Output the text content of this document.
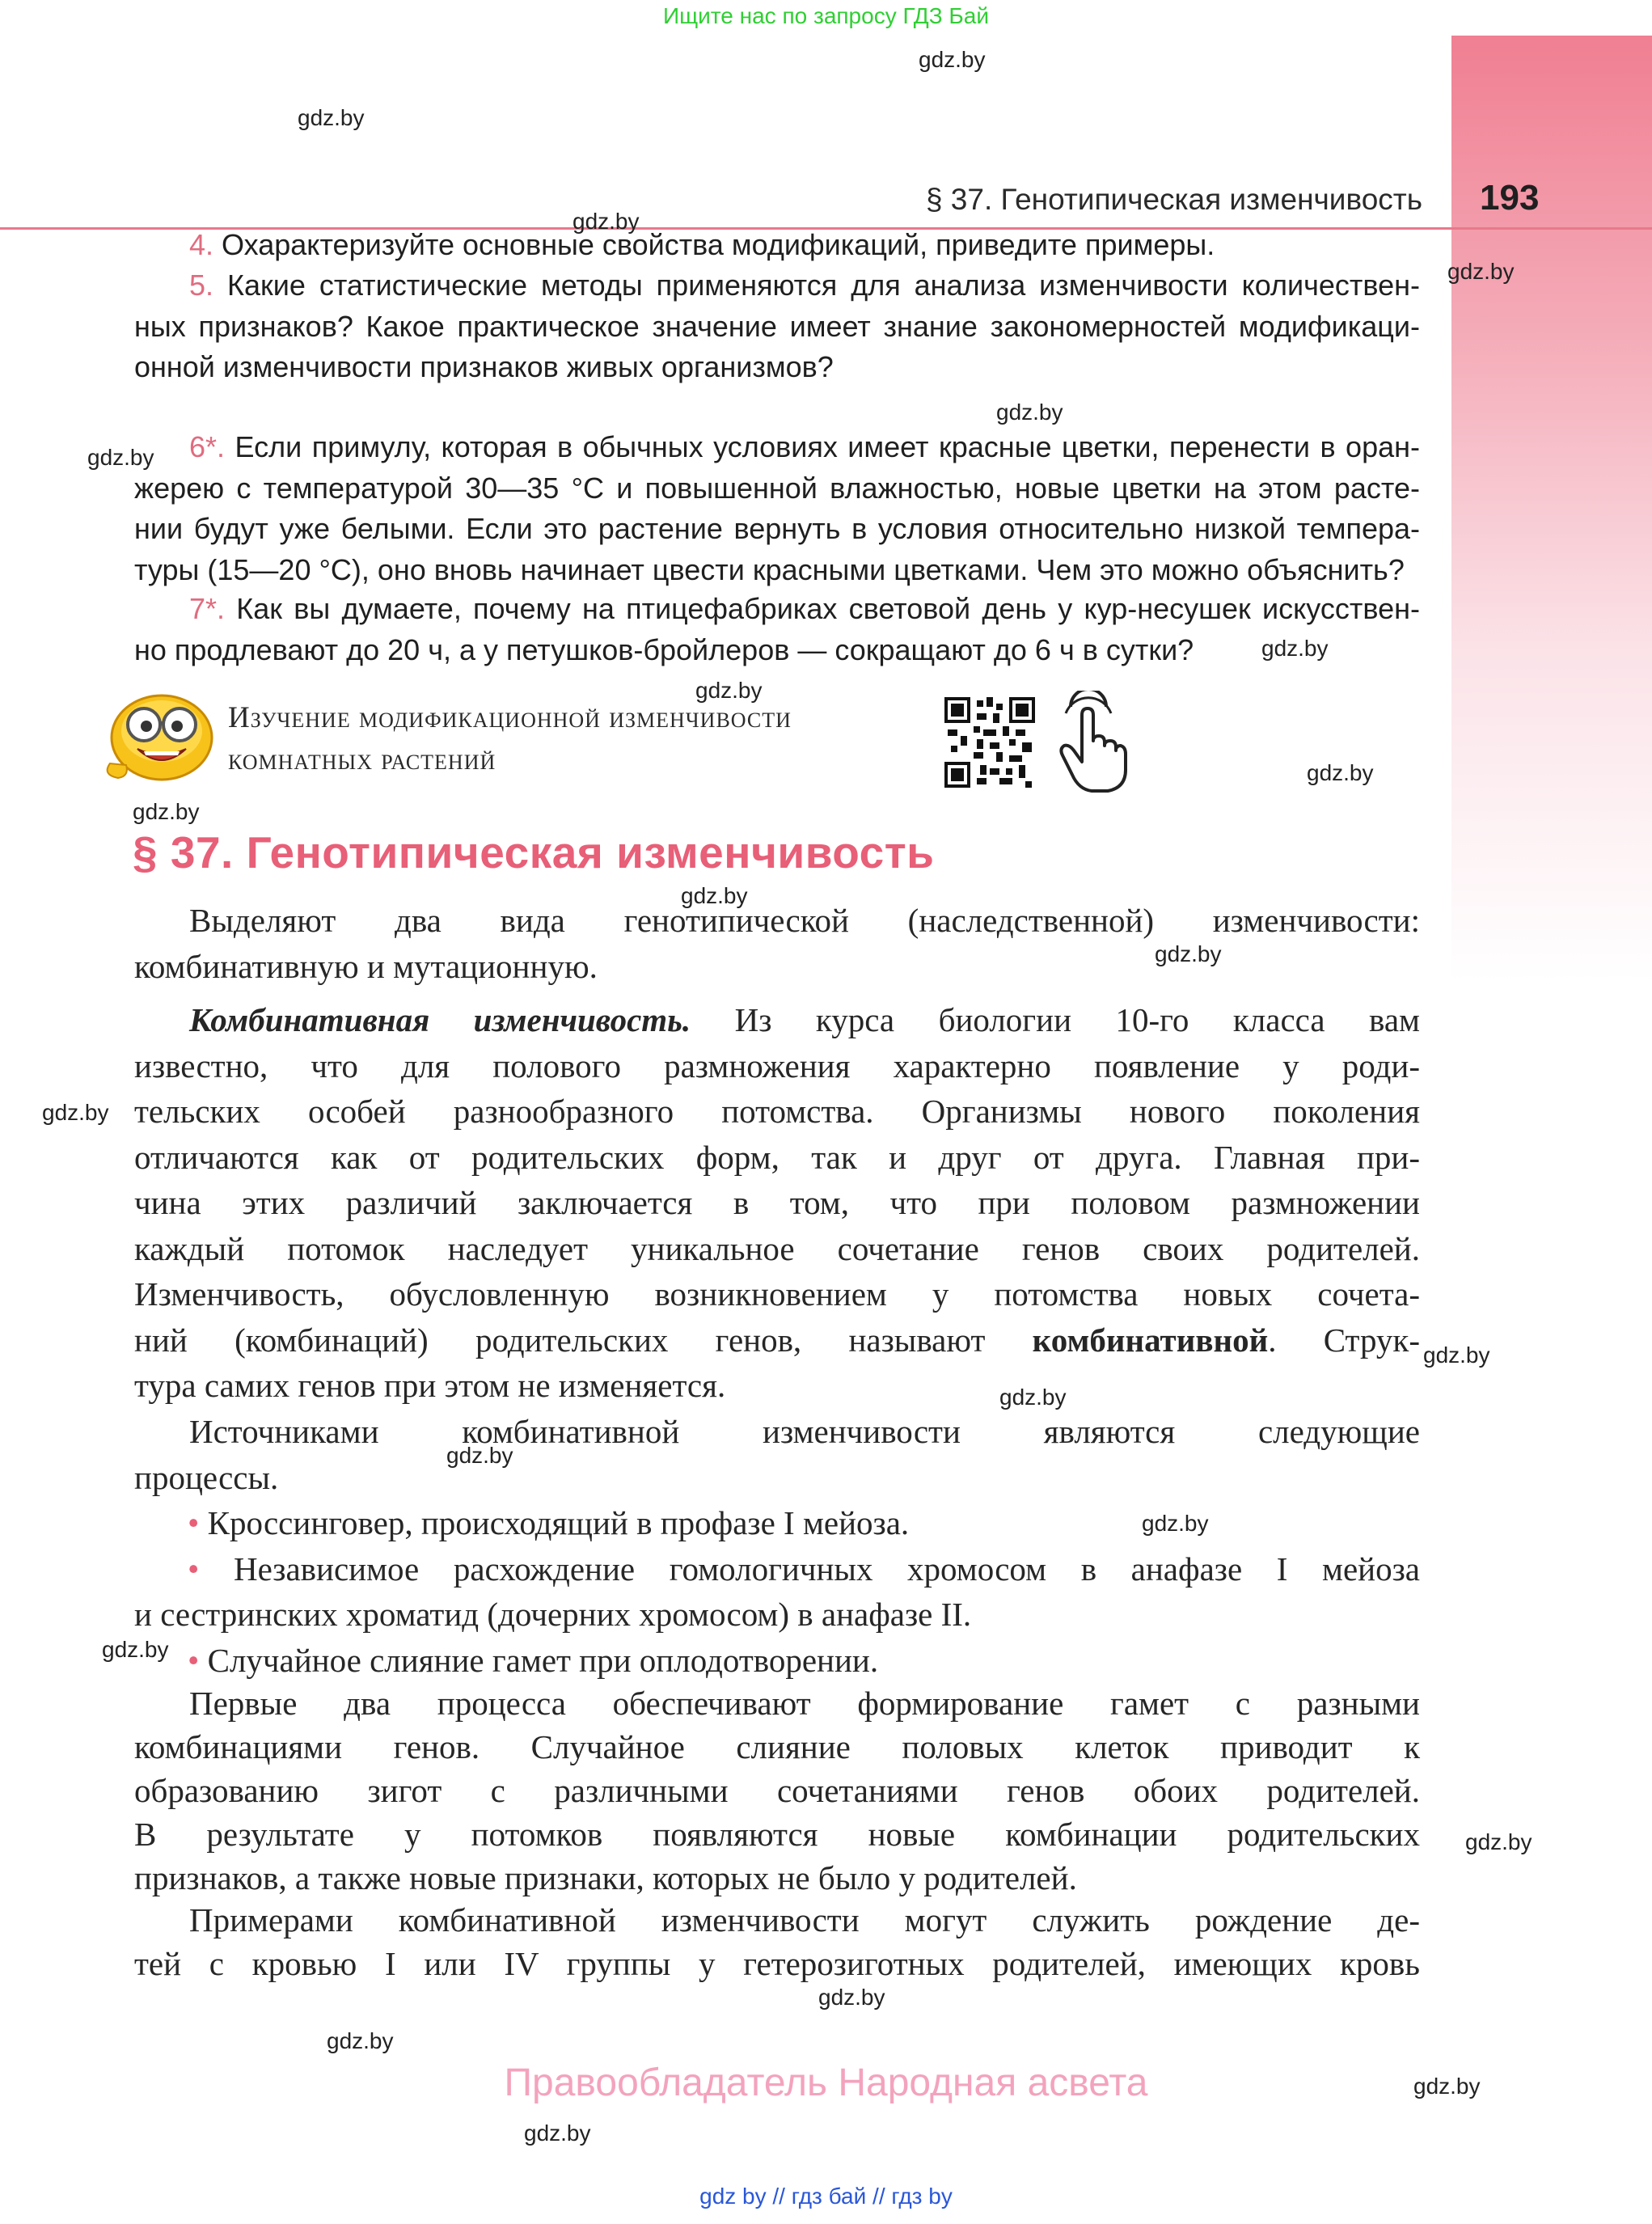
Ищите нас по запросу ГДЗ Бай
§ 37. Генотипическая изменчивость 193
gdz.by
gdz.by
gdz.by
gdz.by
gdz.by
gdz.by
gdz.by
gdz.by
gdz.by
gdz.by
gdz.by
gdz.by
gdz.by
gdz.by
gdz.by
gdz.by
gdz.by
gdz.by
gdz.by
gdz.by
gdz.by
gdz.by
gdz.by
4. Охарактеризуйте основные свойства модификаций, приведите примеры.
5. Какие статистические методы применяются для анализа изменчивости количествен-
ных признаков? Какое практическое значение имеет знание закономерностей модификаци-
онной изменчивости признаков живых организмов?
6*. Если примулу, которая в обычных условиях имеет красные цветки, перенести в оран-
жерею с температурой 30—35 °С и повышенной влажностью, новые цветки на этом расте-
нии будут уже белыми. Если это растение вернуть в условия относительно низкой темпера-
туры (15—20 °С), оно вновь начинает цвести красными цветками. Чем это можно объяснить?
7*. Как вы думаете, почему на птицефабриках световой день у кур-несушек искусствен-
но продлевают до 20 ч, а у петушков-бройлеров — сокращают до 6 ч в сутки?
Изучение модификационной изменчивости
комнатных растений
§ 37. Генотипическая изменчивость
Выделяют два вида генотипической (наследственной) изменчивости:
комбинативную и мутационную.
Комбинативная изменчивость. Из курса биологии 10-го класса вам
известно, что для полового размножения характерно появление у роди-
тельских особей разнообразного потомства. Организмы нового поколения
отличаются как от родительских форм, так и друг от друга. Главная при-
чина этих различий заключается в том, что при половом размножении
каждый потомок наследует уникальное сочетание генов своих родителей.
Изменчивость, обусловленную возникновением у потомства новых сочета-
ний (комбинаций) родительских генов, называют комбинативной. Струк-
тура самих генов при этом не изменяется.
Источниками комбинативной изменчивости являются следующие
процессы.
• Кроссинговер, происходящий в профазе I мейоза.
• Независимое расхождение гомологичных хромосом в анафазе I мейоза
и сестринских хроматид (дочерних хромосом) в анафазе II.
• Случайное слияние гамет при оплодотворении.
Первые два процесса обеспечивают формирование гамет с разными
комбинациями генов. Случайное слияние половых клеток приводит к
образованию зигот с различными сочетаниями генов обоих родителей.
В результате у потомков появляются новые комбинации родительских
признаков, а также новые признаки, которых не было у родителей.
Примерами комбинативной изменчивости могут служить рождение де-
тей с кровью I или IV группы у гетерозиготных родителей, имеющих кровь
Правообладатель Народная асвета
gdz by // гдз бай // гдз by
